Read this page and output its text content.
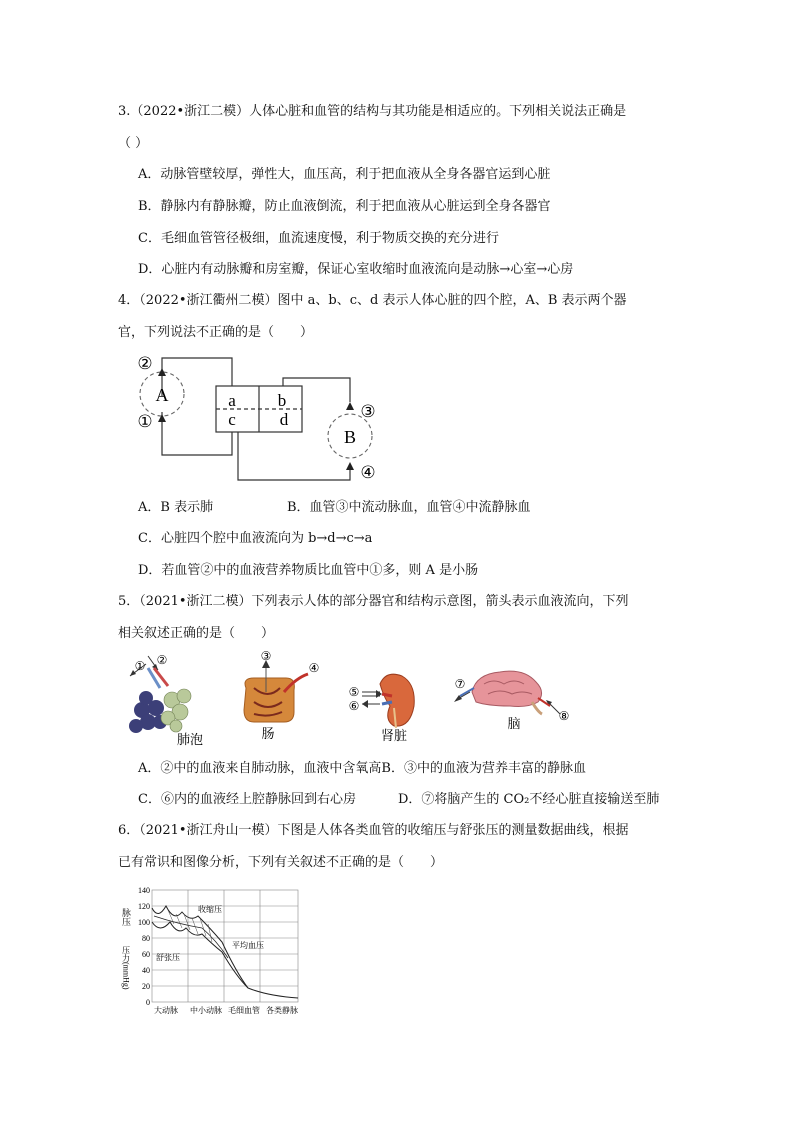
3.（2022•浙江二模）人体心脏和血管的结构与其功能是相适应的。下列相关说法正确是
（ ）
A．动脉管壁较厚，弹性大，血压高，利于把血液从全身各器官运到心脏
B．静脉内有静脉瓣，防止血液倒流，利于把血液从心脏运到全身各器官
C．毛细血管管径极细，血流速度慢，利于物质交换的充分进行
D．心脏内有动脉瓣和房室瓣，保证心室收缩时血液流向是动脉→心室→心房
4．（2022•浙江衢州二模）图中 a、b、c、d 表示人体心脏的四个腔，A、B 表示两个器
官，下列说法不正确的是（　　）
A
B
a b
c	d
②
①
③
④
A．B 表示肺	B．血管③中流动脉血，血管④中流静脉血
C．心脏四个腔中血液流向为 b→d→c→a
D．若血管②中的血液营养物质比血管中①多，则 A 是小肠
5．（2021•浙江二模）下列表示人体的部分器官和结构示意图，箭头表示血液流向，下列
相关叙述正确的是（　　）
① ②
肺泡
③
④
肠
⑤
⑥
肾脏
⑦
⑧
脑
A．②中的血液来自肺动脉，血液中含氧高B．③中的血液为营养丰富的静脉血
C．⑥内的血液经上腔静脉回到右心房	D．⑦将脑产生的 CO₂不经心脏直接输送至肺
6．（2021•浙江舟山一模）下图是人体各类血管的收缩压与舒张压的测量数据曲线，根据
已有常识和图像分析，下列有关叙述不正确的是（　　）
140
120
100
80
60
40
20
0
脉压
压力(mmHg)
收缩压
平均血压
舒张压
大动脉 中小动脉 毛细血管 各类静脉
